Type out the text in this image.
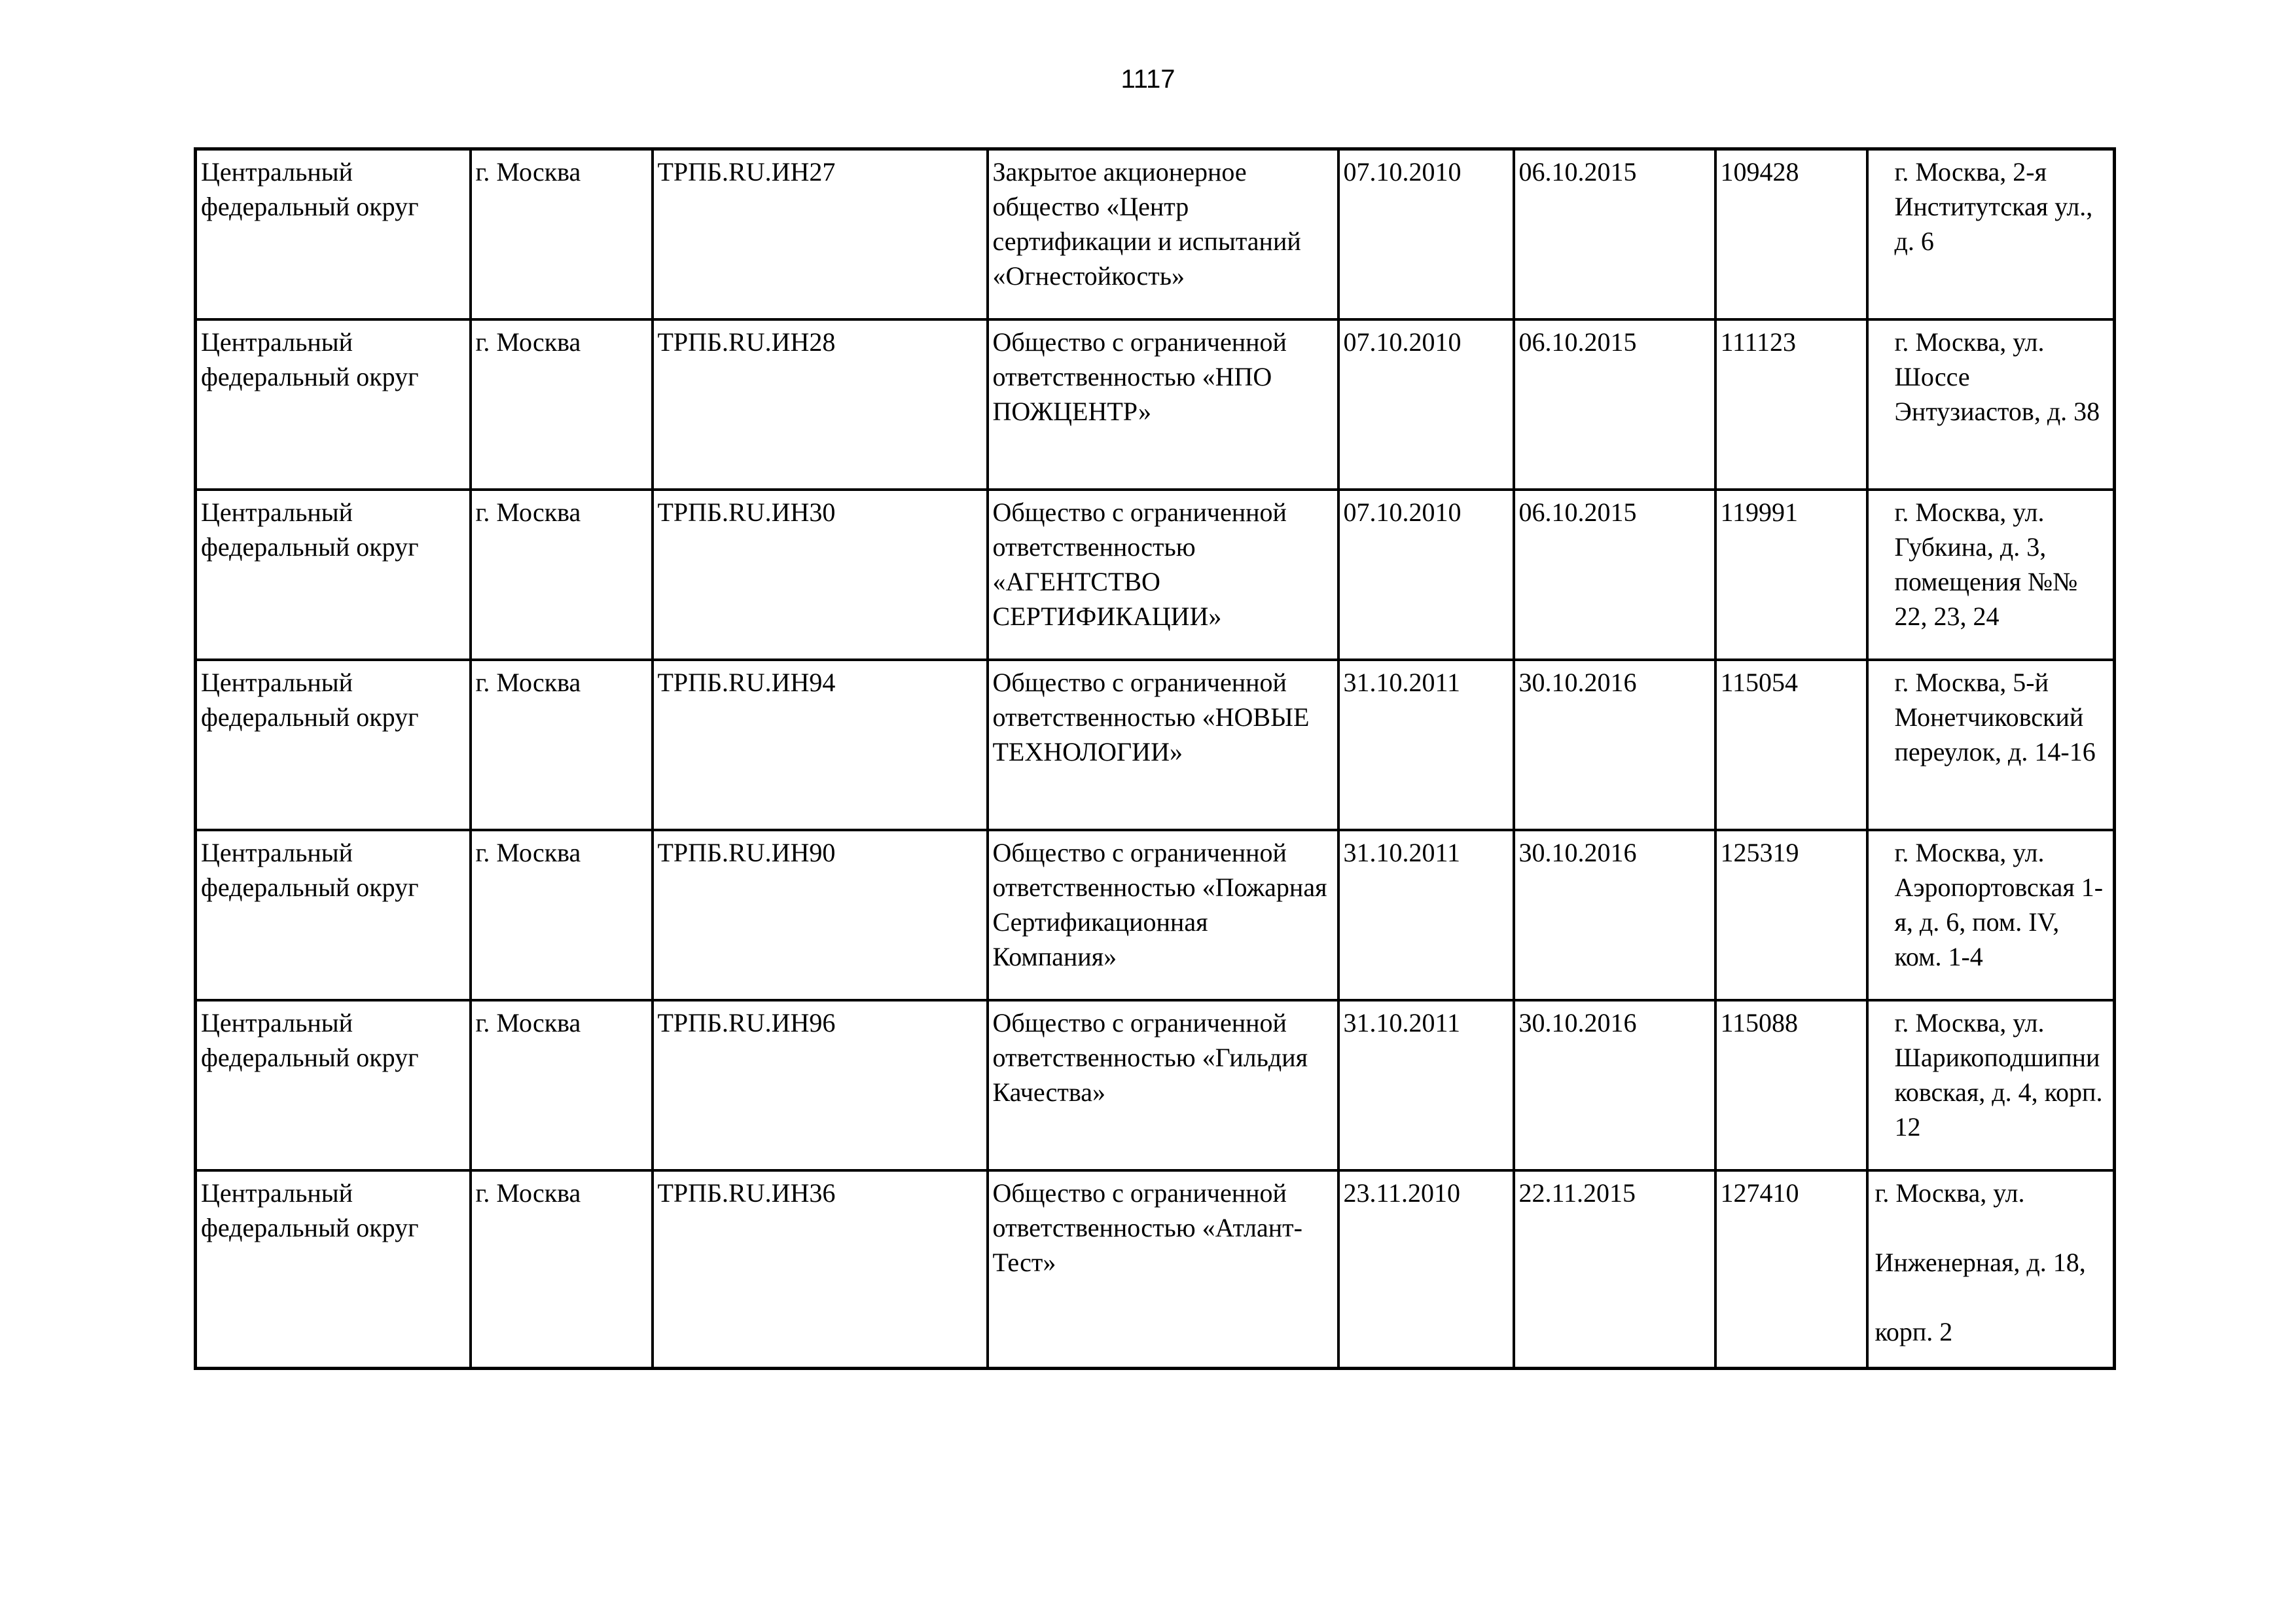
1117
Центральный федеральный округ	г. Москва	ТРПБ.RU.ИН27	Закрытое акционерное общество «Центр сертификации и испытаний «Огнестойкость»	07.10.2010	06.10.2015	109428	г. Москва, 2-я Институтская ул., д. 6
Центральный федеральный округ	г. Москва	ТРПБ.RU.ИН28	Общество с ограниченной ответственностью «НПО ПОЖЦЕНТР»	07.10.2010	06.10.2015	111123	г. Москва, ул. Шоссе Энтузиастов, д. 38
Центральный федеральный округ	г. Москва	ТРПБ.RU.ИН30	Общество с ограниченной ответственностью «АГЕНТСТВО СЕРТИФИКАЦИИ»	07.10.2010	06.10.2015	119991	г. Москва, ул. Губкина, д. 3, помещения №№ 22, 23, 24
Центральный федеральный округ	г. Москва	ТРПБ.RU.ИН94	Общество с ограниченной ответственностью «НОВЫЕ ТЕХНОЛОГИИ»	31.10.2011	30.10.2016	115054	г. Москва, 5-й Монетчиковский переулок, д. 14-16
Центральный федеральный округ	г. Москва	ТРПБ.RU.ИН90	Общество с ограниченной ответственностью «Пожарная Сертификационная Компания»	31.10.2011	30.10.2016	125319	г. Москва, ул. Аэропортовская 1-я, д. 6, пом. IV, ком. 1-4
Центральный федеральный округ	г. Москва	ТРПБ.RU.ИН96	Общество с ограниченной ответственностью «Гильдия Качества»	31.10.2011	30.10.2016	115088	г. Москва, ул. Шарикоподшипниковская, д. 4, корп. 12
Центральный федеральный округ	г. Москва	ТРПБ.RU.ИН36	Общество с ограниченной ответственностью «Атлант-Тест»	23.11.2010	22.11.2015	127410	г. Москва, ул. Инженерная, д. 18, корп. 2
